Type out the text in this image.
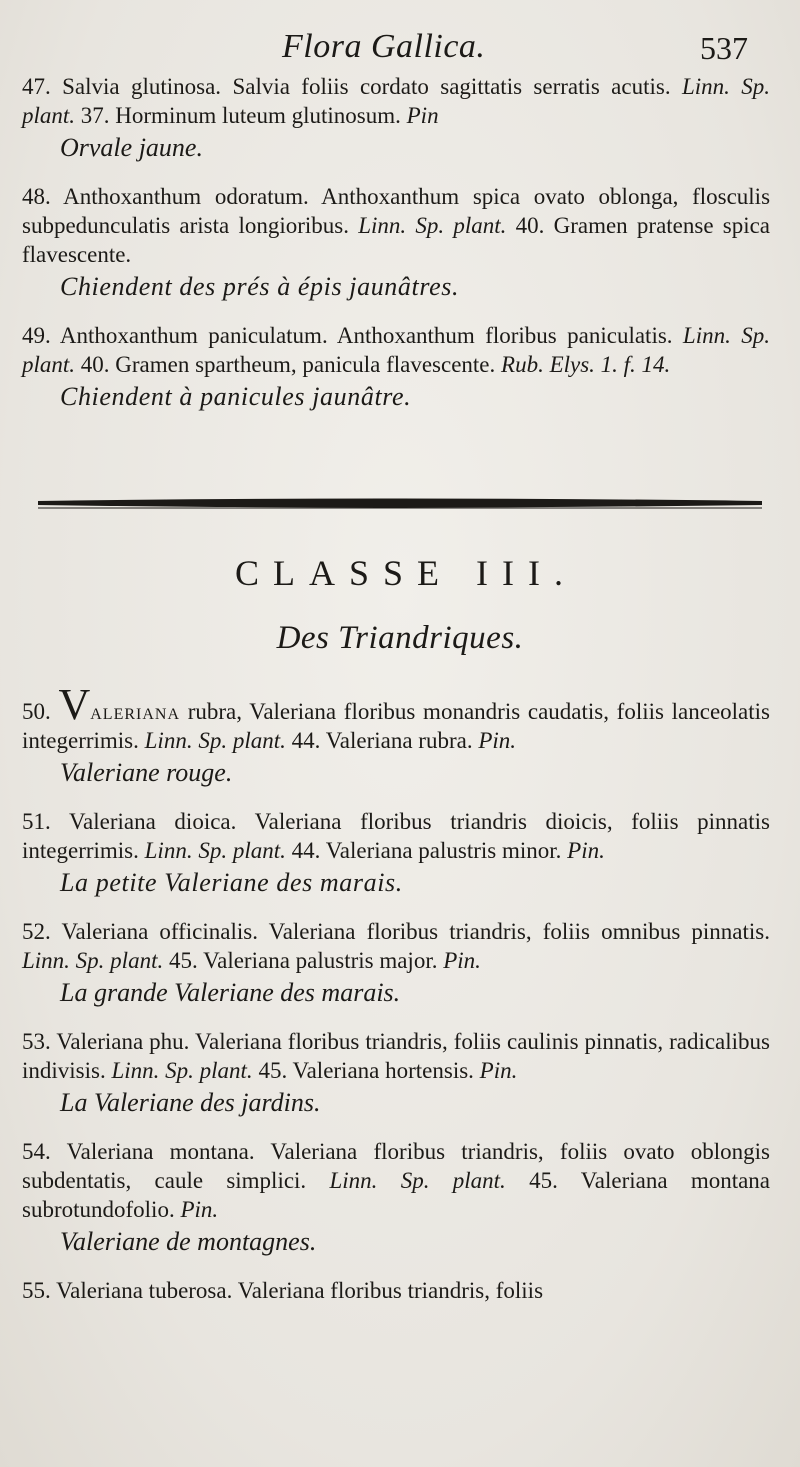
Flora Gallica.	537

47. Salvia glutinosa. Salvia foliis cordato sagittatis serratis acutis. Linn. Sp. plant. 37. Horminum luteum glutinosum. Pin

Orvale jaune.

48. Anthoxanthum odoratum. Anthoxanthum spica ovato oblonga, flosculis subpedunculatis arista longioribus. Linn. Sp. plant. 40. Gramen pratense spica flavescente.

Chiendent des prés à épis jaunâtres.

49. Anthoxanthum paniculatum. Anthoxanthum floribus paniculatis. Linn. Sp. plant. 40. Gramen spartheum, panicula flavescente. Rub. Elys. 1. f. 14.

Chiendent à panicules jaunâtre.
CLASSE III.
Des Triandriques.

50. Valeriana rubra, Valeriana floribus monandris caudatis, foliis lanceolatis integerrimis. Linn. Sp. plant. 44. Valeriana rubra. Pin.

Valeriane rouge.

51. Valeriana dioica. Valeriana floribus triandris dioicis, foliis pinnatis integerrimis. Linn. Sp. plant. 44. Valeriana palustris minor. Pin.

La petite Valeriane des marais.

52. Valeriana officinalis. Valeriana floribus triandris, foliis omnibus pinnatis. Linn. Sp. plant. 45. Valeriana palustris major. Pin.

La grande Valeriane des marais.

53. Valeriana phu. Valeriana floribus triandris, foliis caulinis pinnatis, radicalibus indivisis. Linn. Sp. plant. 45. Valeriana hortensis. Pin.

La Valeriane des jardins.

54. Valeriana montana. Valeriana floribus triandris, foliis ovato oblongis subdentatis, caule simplici. Linn. Sp. plant. 45. Valeriana montana subrotundofolio. Pin.

Valeriane de montagnes.

55. Valeriana tuberosa. Valeriana floribus triandris, foliis
